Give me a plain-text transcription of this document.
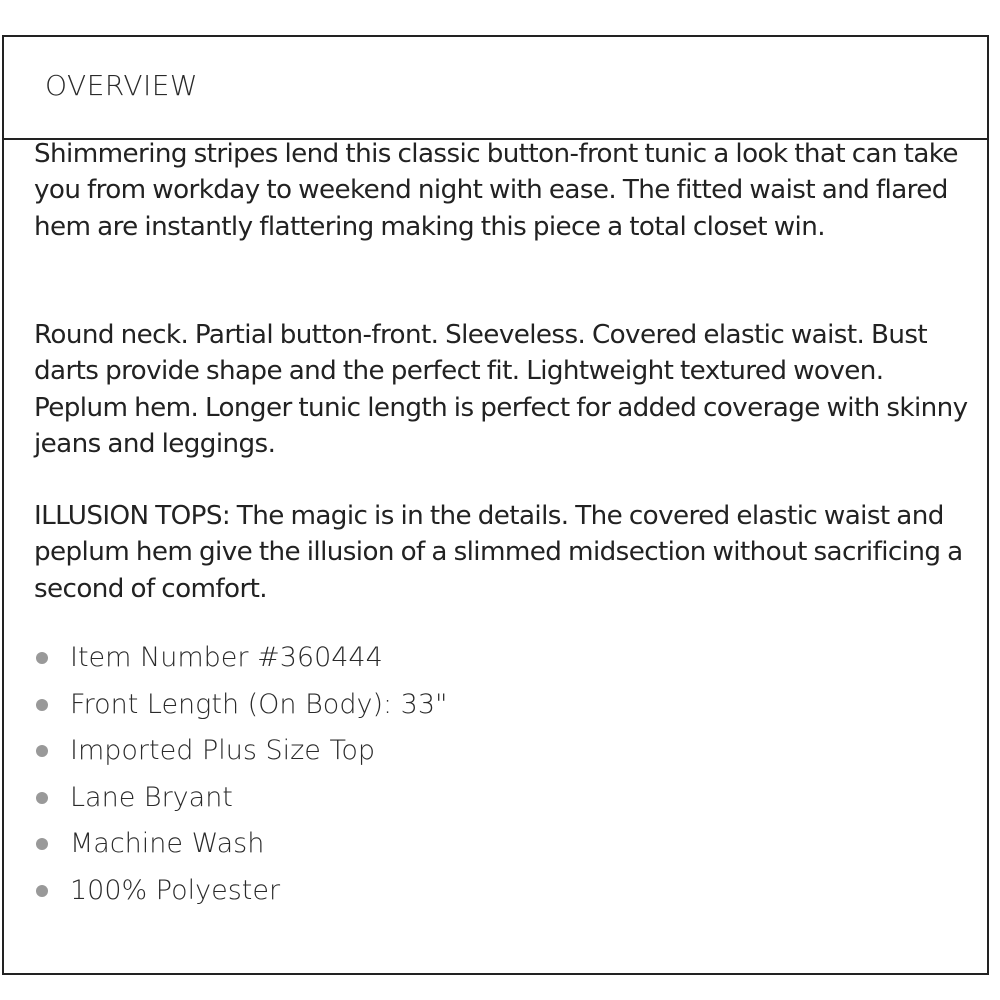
OVERVIEW

Shimmering stripes lend this classic button-front tunic a look that can take you from workday to weekend night with ease. The fitted waist and flared hem are instantly flattering making this piece a total closet win.

Round neck. Partial button-front. Sleeveless. Covered elastic waist. Bust darts provide shape and the perfect fit. Lightweight textured woven. Peplum hem. Longer tunic length is perfect for added coverage with skinny jeans and leggings.

ILLUSION TOPS: The magic is in the details. The covered elastic waist and peplum hem give the illusion of a slimmed midsection without sacrificing a second of comfort.

Item Number #360444
Front Length (On Body): 33"
Imported Plus Size Top
Lane Bryant
Machine Wash
100% Polyester
